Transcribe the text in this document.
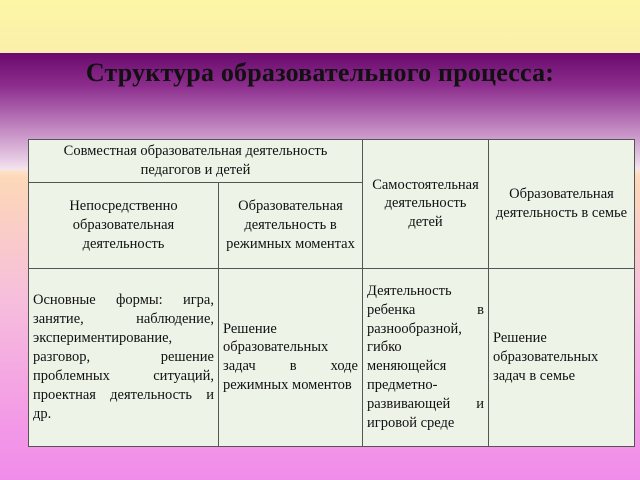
Структура образовательного процесса:
Совместная образовательная деятельность педагогов и детей		Самостоятельная деятельность детей	Образовательная деятельность в семье
Непосредственно образовательная деятельность	Образовательная деятельность в режимных моментах		
Основные формы: игра, занятие, наблюдение, экспериментирование, разговор, решение проблемных ситуаций, проектная деятельность и др.	Решение образовательных задач в ходе режимных моментов	Деятельность ребенка в разнообразной, гибко меняющейся предметно-развивающей и игровой среде	Решение образовательных задач в семье
